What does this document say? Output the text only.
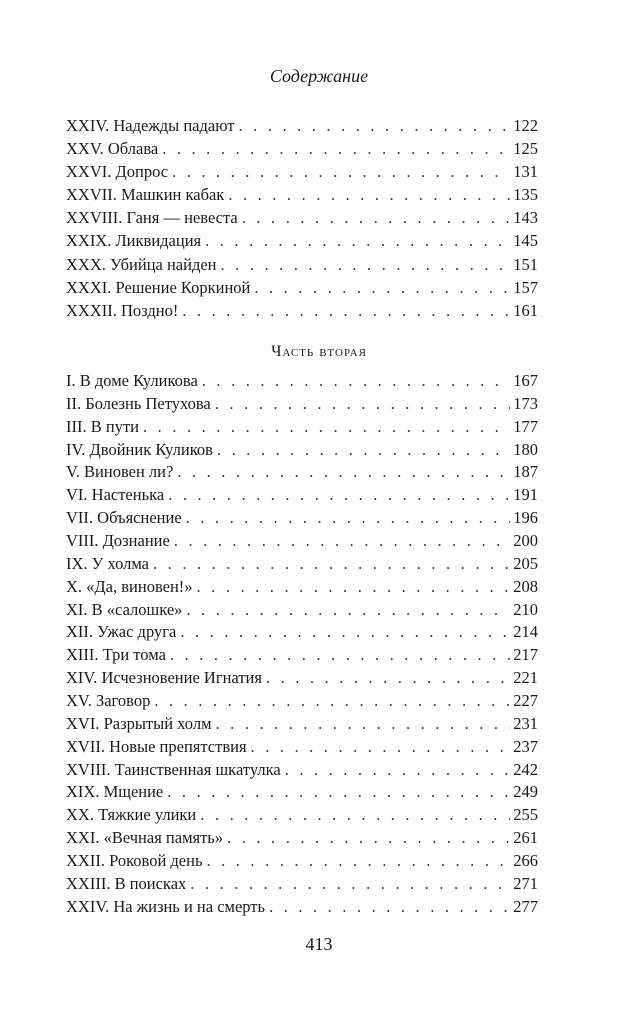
Содержание
XXIV. Надежды падают . . .	122
XXV. Облава . . .	125
XXVI. Допрос . . .	131
XXVII. Машкин кабак . . .	135
XXVIII. Ганя — невеста . . .	143
XXIX. Ликвидация . . .	145
XXX. Убийца найден . . .	151
XXXI. Решение Коркиной . . .	157
XXXII. Поздно! . . .	161
Часть вторая
I. В доме Куликова . . .	167
II. Болезнь Петухова . . .	173
III. В пути . . .	177
IV. Двойник Куликов . . .	180
V. Виновен ли? . . .	187
VI. Настенька . . .	191
VII. Объяснение . . .	196
VIII. Дознание . . .	200
IX. У холма . . .	205
X. «Да, виновен!» . . .	208
XI. В «салошке» . . .	210
XII. Ужас друга . . .	214
XIII. Три тома . . .	217
XIV. Исчезновение Игнатия . . .	221
XV. Заговор . . .	227
XVI. Разрытый холм . . .	231
XVII. Новые препятствия . . .	237
XVIII. Таинственная шкатулка . . .	242
XIX. Мщение . . .	249
XX. Тяжкие улики . . .	255
XXI. «Вечная память» . . .	261
XXII. Роковой день . . .	266
XXIII. В поисках . . .	271
XXIV. На жизнь и на смерть . . .	277
413
